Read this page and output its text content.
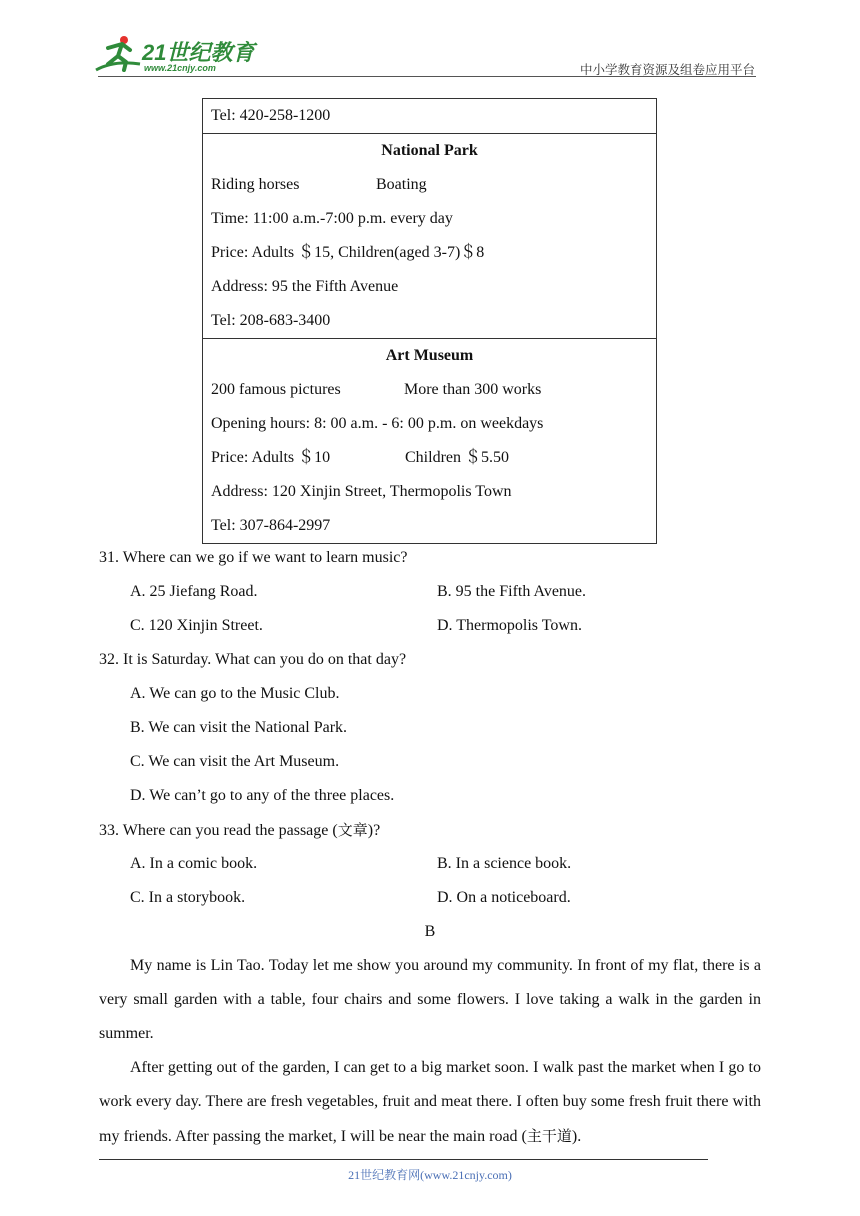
21世纪教育
www.21cnjy.com	中小学教育资源及组卷应用平台
Tel: 420-258-1200
National Park
Riding horses	Boating
Time: 11:00 a.m.-7:00 p.m. every day
Price: Adults ＄15, Children(aged 3-7)＄8
Address: 95 the Fifth Avenue
Tel: 208-683-3400
Art Museum
200 famous pictures	More than 300 works
Opening hours: 8: 00 a.m. - 6: 00 p.m. on weekdays
Price: Adults ＄10	Children ＄5.50
Address: 120 Xinjin Street, Thermopolis Town
Tel: 307-864-2997
31. Where can we go if we want to learn music?
A. 25 Jiefang Road.	B. 95 the Fifth Avenue.
C. 120 Xinjin Street.	D. Thermopolis Town.
32. It is Saturday. What can you do on that day?
A. We can go to the Music Club.
B. We can visit the National Park.
C. We can visit the Art Museum.
D. We can’t go to any of the three places.
33. Where can you read the passage (文章)?
A. In a comic book.	B. In a science book.
C. In a storybook.	D. On a noticeboard.
B

My name is Lin Tao. Today let me show you around my community. In front of my flat, there is a very small garden with a table, four chairs and some flowers. I love taking a walk in the garden in summer.

After getting out of the garden, I can get to a big market soon. I walk past the market when I go to work every day. There are fresh vegetables, fruit and meat there. I often buy some fresh fruit there with my friends. After passing the market, I will be near the main road (主干道).

21世纪教育网(www.21cnjy.com)
